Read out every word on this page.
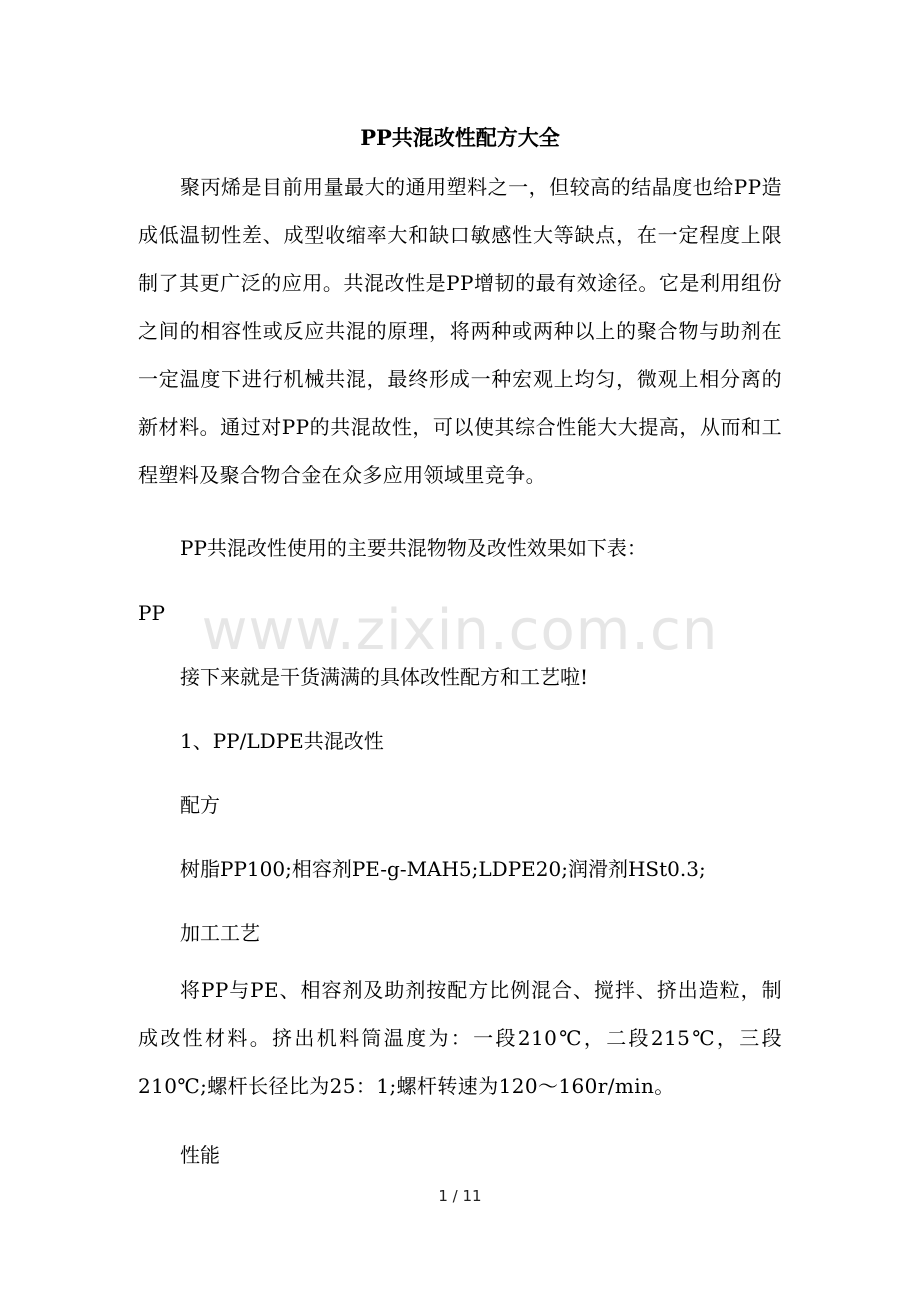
PP共混改性配方大全

聚丙烯是目前用量最大的通用塑料之一，但较高的结晶度也给PP造成低温韧性差、成型收缩率大和缺口敏感性大等缺点，在一定程度上限制了其更广泛的应用。共混改性是PP增韧的最有效途径。它是利用组份之间的相容性或反应共混的原理，将两种或两种以上的聚合物与助剂在一定温度下进行机械共混，最终形成一种宏观上均匀，微观上相分离的新材料。通过对PP的共混故性，可以使其综合性能大大提高，从而和工程塑料及聚合物合金在众多应用领域里竞争。

PP共混改性使用的主要共混物物及改性效果如下表：
PP www.zixin.com.cn
接下来就是干货满满的具体改性配方和工艺啦!
1、PP/LDPE共混改性
配方
树脂PP100;相容剂PE-g-MAH5;LDPE20;润滑剂HSt0.3;
加工工艺

将PP与PE、相容剂及助剂按配方比例混合、搅拌、挤出造粒，制成改性材料。挤出机料筒温度为：一段210℃，二段215℃，三段210℃;螺杆长径比为25：1;螺杆转速为120～160r/min。

性能
1 / 11
